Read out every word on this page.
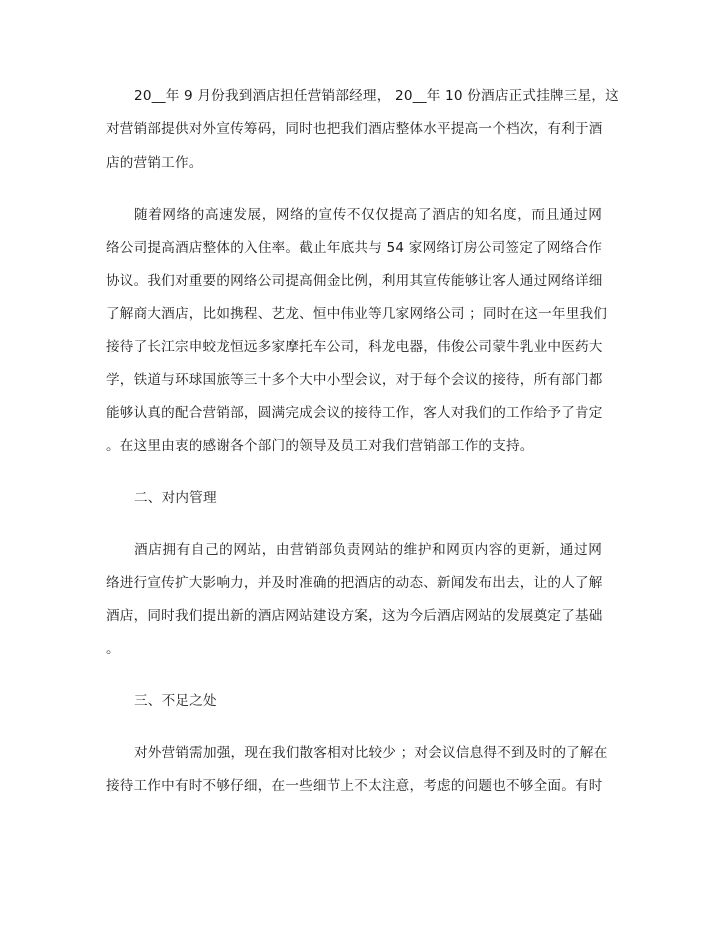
20__年 9 月份我到酒店担任营销部经理， 20__年 10 份酒店正式挂牌三星，这
对营销部提供对外宣传筹码，同时也把我们酒店整体水平提高一个档次，有利于酒
店的营销工作。
随着网络的高速发展，网络的宣传不仅仅提高了酒店的知名度，而且通过网
络公司提高酒店整体的入住率。截止年底共与 54 家网络订房公司签定了网络合作
协议。我们对重要的网络公司提高佣金比例，利用其宣传能够让客人通过网络详细
了解商大酒店，比如携程、艺龙、恒中伟业等几家网络公司 ；同时在这一年里我们
接待了长江宗申蛟龙恒远多家摩托车公司，科龙电器，伟俊公司蒙牛乳业中医药大
学，铁道与环球国旅等三十多个大中小型会议，对于每个会议的接待，所有部门都
能够认真的配合营销部，圆满完成会议的接待工作，客人对我们的工作给予了肯定
。在这里由衷的感谢各个部门的领导及员工对我们营销部工作的支持。
二、对内管理
酒店拥有自己的网站，由营销部负责网站的维护和网页内容的更新，通过网
络进行宣传扩大影响力，并及时准确的把酒店的动态、新闻发布出去，让的人了解
酒店，同时我们提出新的酒店网站建设方案，这为今后酒店网站的发展奠定了基础
。
三、不足之处
对外营销需加强，现在我们散客相对比较少 ；对会议信息得不到及时的了解在
接待工作中有时不够仔细，在一些细节上不太注意，考虑的问题也不够全面。有时
